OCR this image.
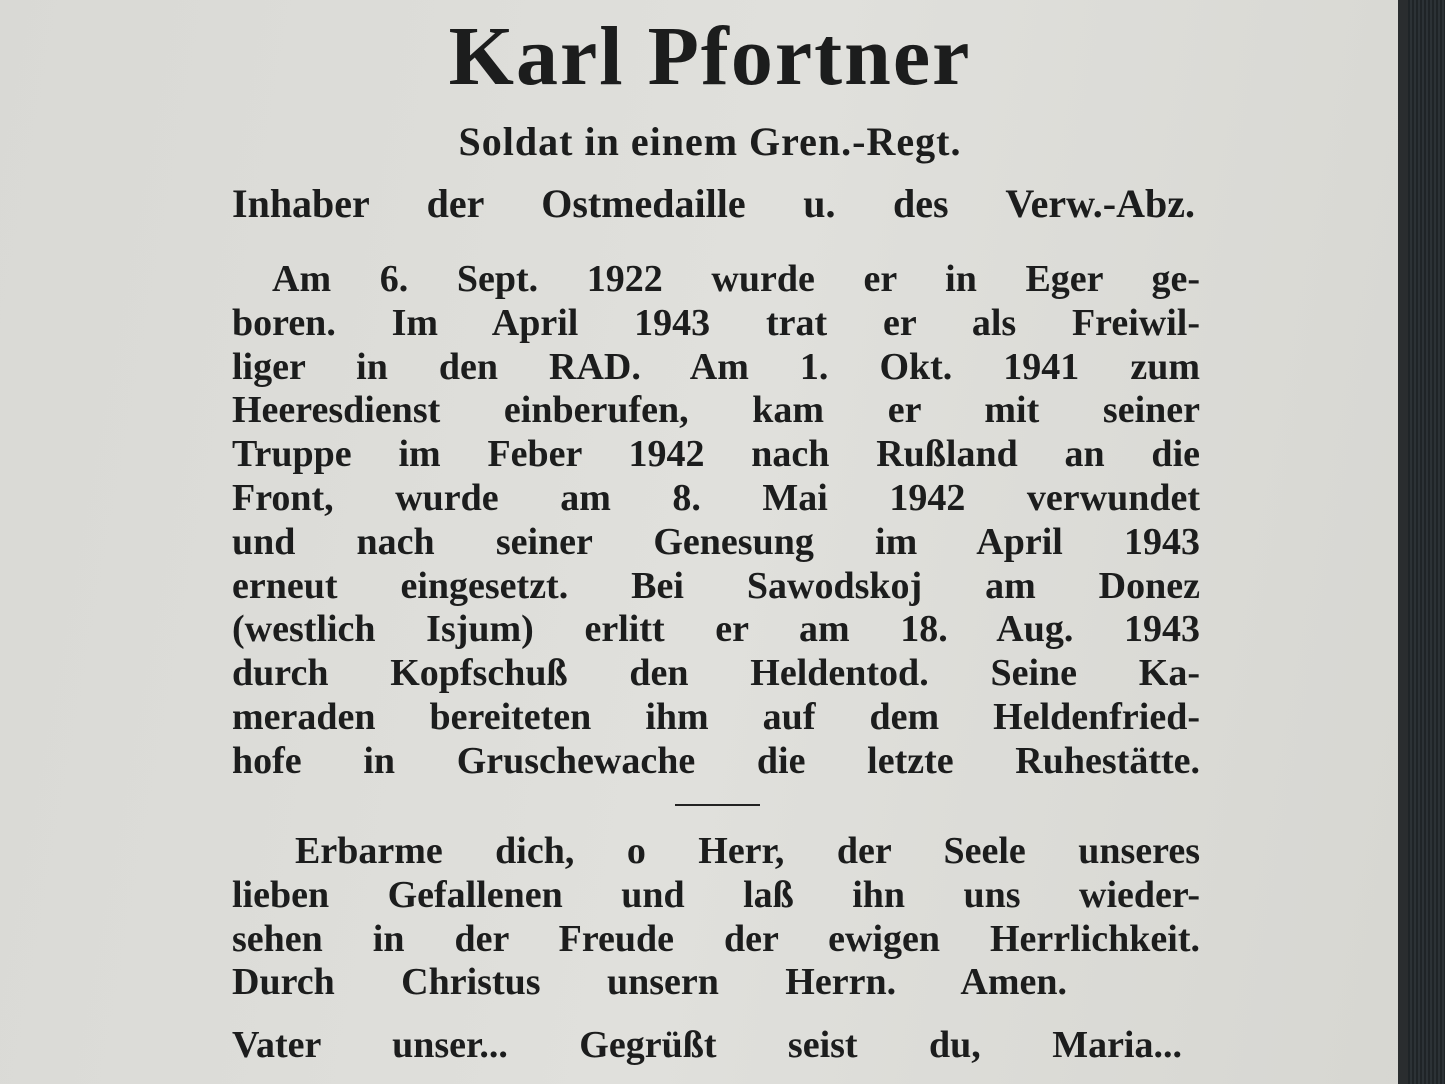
Karl Pfortner
Soldat in einem Gren.-Regt.
Inhaber der Ostmedaille u. des Verw.-Abz.
Am 6. Sept. 1922 wurde er in Eger ge-
boren. Im April 1943 trat er als Freiwil-
liger in den RAD. Am 1. Okt. 1941 zum
Heeresdienst einberufen, kam er mit seiner
Truppe im Feber 1942 nach Rußland an die
Front, wurde am 8. Mai 1942 verwundet
und nach seiner Genesung im April 1943
erneut eingesetzt. Bei Sawodskoj am Donez
(westlich Isjum) erlitt er am 18. Aug. 1943
durch Kopfschuß den Heldentod. Seine Ka-
meraden bereiteten ihm auf dem Heldenfried-
hofe in Gruschewache die letzte Ruhestätte.
Erbarme dich, o Herr, der Seele unseres
lieben Gefallenen und laß ihn uns wieder-
sehen in der Freude der ewigen Herrlichkeit.
Durch Christus unsern Herrn. Amen.
Vater unser... Gegrüßt seist du, Maria...
